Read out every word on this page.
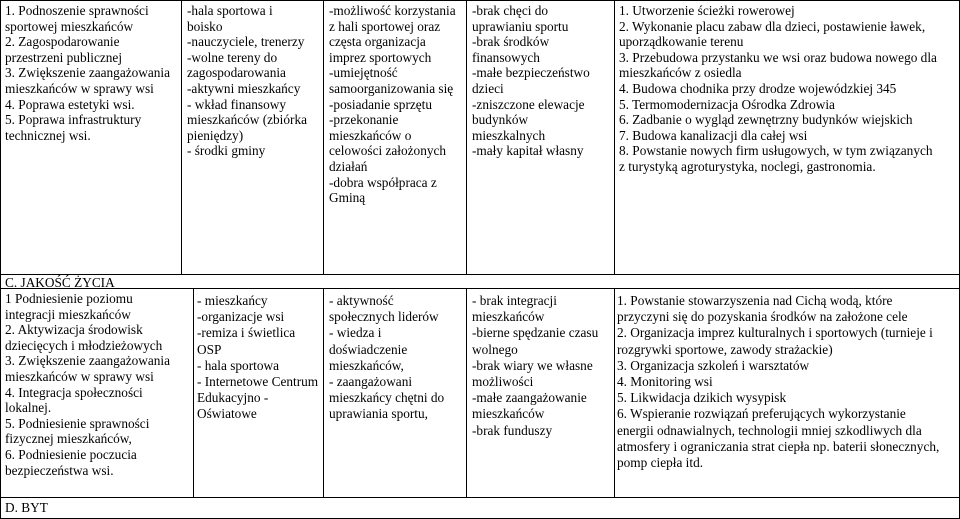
1. Podnoszenie sprawności
sportowej mieszkańców
2. Zagospodarowanie
przestrzeni publicznej
3. Zwiększenie zaangażowania
mieszkańców w sprawy wsi
4. Poprawa estetyki wsi.
5. Poprawa infrastruktury
technicznej wsi.
-hala sportowa i
boisko
-nauczyciele, trenerzy
-wolne tereny do
zagospodarowania
-aktywni mieszkańcy
- wkład finansowy
mieszkańców (zbiórka
pieniędzy)
- środki gminy
-możliwość korzystania
z hali sportowej oraz
częsta organizacja
imprez sportowych
-umiejętność
samoorganizowania się
-posiadanie sprzętu
-przekonanie
mieszkańców o
celowości założonych
działań
-dobra współpraca z
Gminą
-brak chęci do
uprawianiu sportu
-brak środków
finansowych
-małe bezpieczeństwo
dzieci
-zniszczone elewacje
budynków
mieszkalnych
-mały kapitał własny
1. Utworzenie ścieżki rowerowej
2. Wykonanie placu zabaw dla dzieci, postawienie ławek,
uporządkowanie terenu
3. Przebudowa przystanku we wsi oraz budowa nowego dla
mieszkańców z osiedla
4. Budowa chodnika przy drodze wojewódzkiej 345
5. Termomodernizacja Ośrodka Zdrowia
6. Zadbanie o wygląd zewnętrzny budynków wiejskich
7. Budowa kanalizacji dla całej wsi
8. Powstanie nowych firm usługowych, w tym związanych
z turystyką agroturystyka, noclegi, gastronomia.
C. JAKOŚĆ ŻYCIA
1 Podniesienie poziomu
integracji mieszkańców
2. Aktywizacja środowisk
dziecięcych i młodzieżowych
3. Zwiększenie zaangażowania
mieszkańców w sprawy wsi
4. Integracja społeczności
lokalnej.
5. Podniesienie sprawności
fizycznej mieszkańców,
6. Podniesienie poczucia
bezpieczeństwa wsi.
- mieszkańcy
-organizacje wsi
-remiza i świetlica
OSP
- hala sportowa
- Internetowe Centrum
Edukacyjno -
Oświatowe
- aktywność
społecznych liderów
- wiedza i
doświadczenie
mieszkańców,
- zaangażowani
mieszkańcy chętni do
uprawiania sportu,
- brak integracji
mieszkańców
-bierne spędzanie czasu
wolnego
-brak wiary we własne
możliwości
-małe zaangażowanie
mieszkańców
-brak funduszy
1. Powstanie stowarzyszenia nad Cichą wodą, które
przyczyni się do pozyskania środków na założone cele
2. Organizacja imprez kulturalnych i sportowych (turnieje i
rozgrywki sportowe, zawody strażackie)
3. Organizacja szkoleń i warsztatów
4. Monitoring wsi
5. Likwidacja dzikich wysypisk
6. Wspieranie rozwiązań preferujących wykorzystanie
energii odnawialnych, technologii mniej szkodliwych dla
atmosfery i ograniczania strat ciepła np. baterii słonecznych,
pomp ciepła itd.
D. BYT
